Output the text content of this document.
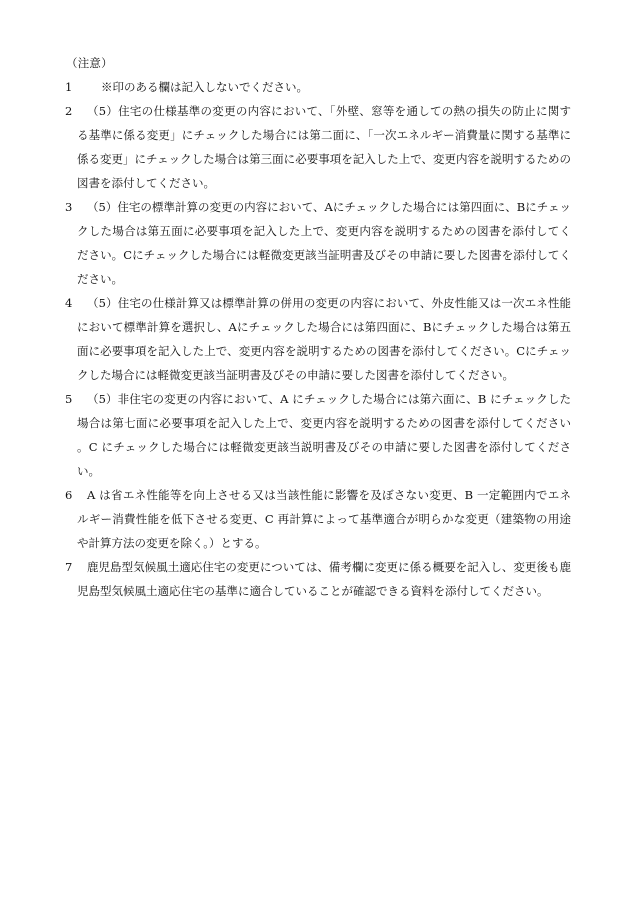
（注意）
1	※印のある欄は記入しないでください。
2	（5）住宅の仕様基準の変更の内容において、「外壁、窓等を通しての熱の損失の防止に関する基準に係る変更」にチェックした場合には第二面に、「一次エネルギー消費量に関する基準に係る変更」にチェックした場合は第三面に必要事項を記入した上で、変更内容を説明するための図書を添付してください。
3	（5）住宅の標準計算の変更の内容において、Aにチェックした場合には第四面に、Bにチェックした場合は第五面に必要事項を記入した上で、変更内容を説明するための図書を添付してください。Cにチェックした場合には軽微変更該当証明書及びその申請に要した図書を添付してください。
4	（5）住宅の仕様計算又は標準計算の併用の変更の内容において、外皮性能又は一次エネ性能において標準計算を選択し、Aにチェックした場合には第四面に、Bにチェックした場合は第五面に必要事項を記入した上で、変更内容を説明するための図書を添付してください。Cにチェックした場合には軽微変更該当証明書及びその申請に要した図書を添付してください。
5	（5）非住宅の変更の内容において、A にチェックした場合には第六面に、B にチェックした場合は第七面に必要事項を記入した上で、変更内容を説明するための図書を添付してください。C にチェックした場合には軽微変更該当説明書及びその申請に要した図書を添付してください。
6	A は省エネ性能等を向上させる又は当該性能に影響を及ぼさない変更、B 一定範囲内でエネルギー消費性能を低下させる変更、C 再計算によって基準適合が明らかな変更（建築物の用途や計算方法の変更を除く。）とする。
7	鹿児島型気候風土適応住宅の変更については、備考欄に変更に係る概要を記入し、変更後も鹿児島型気候風土適応住宅の基準に適合していることが確認できる資料を添付してください。
